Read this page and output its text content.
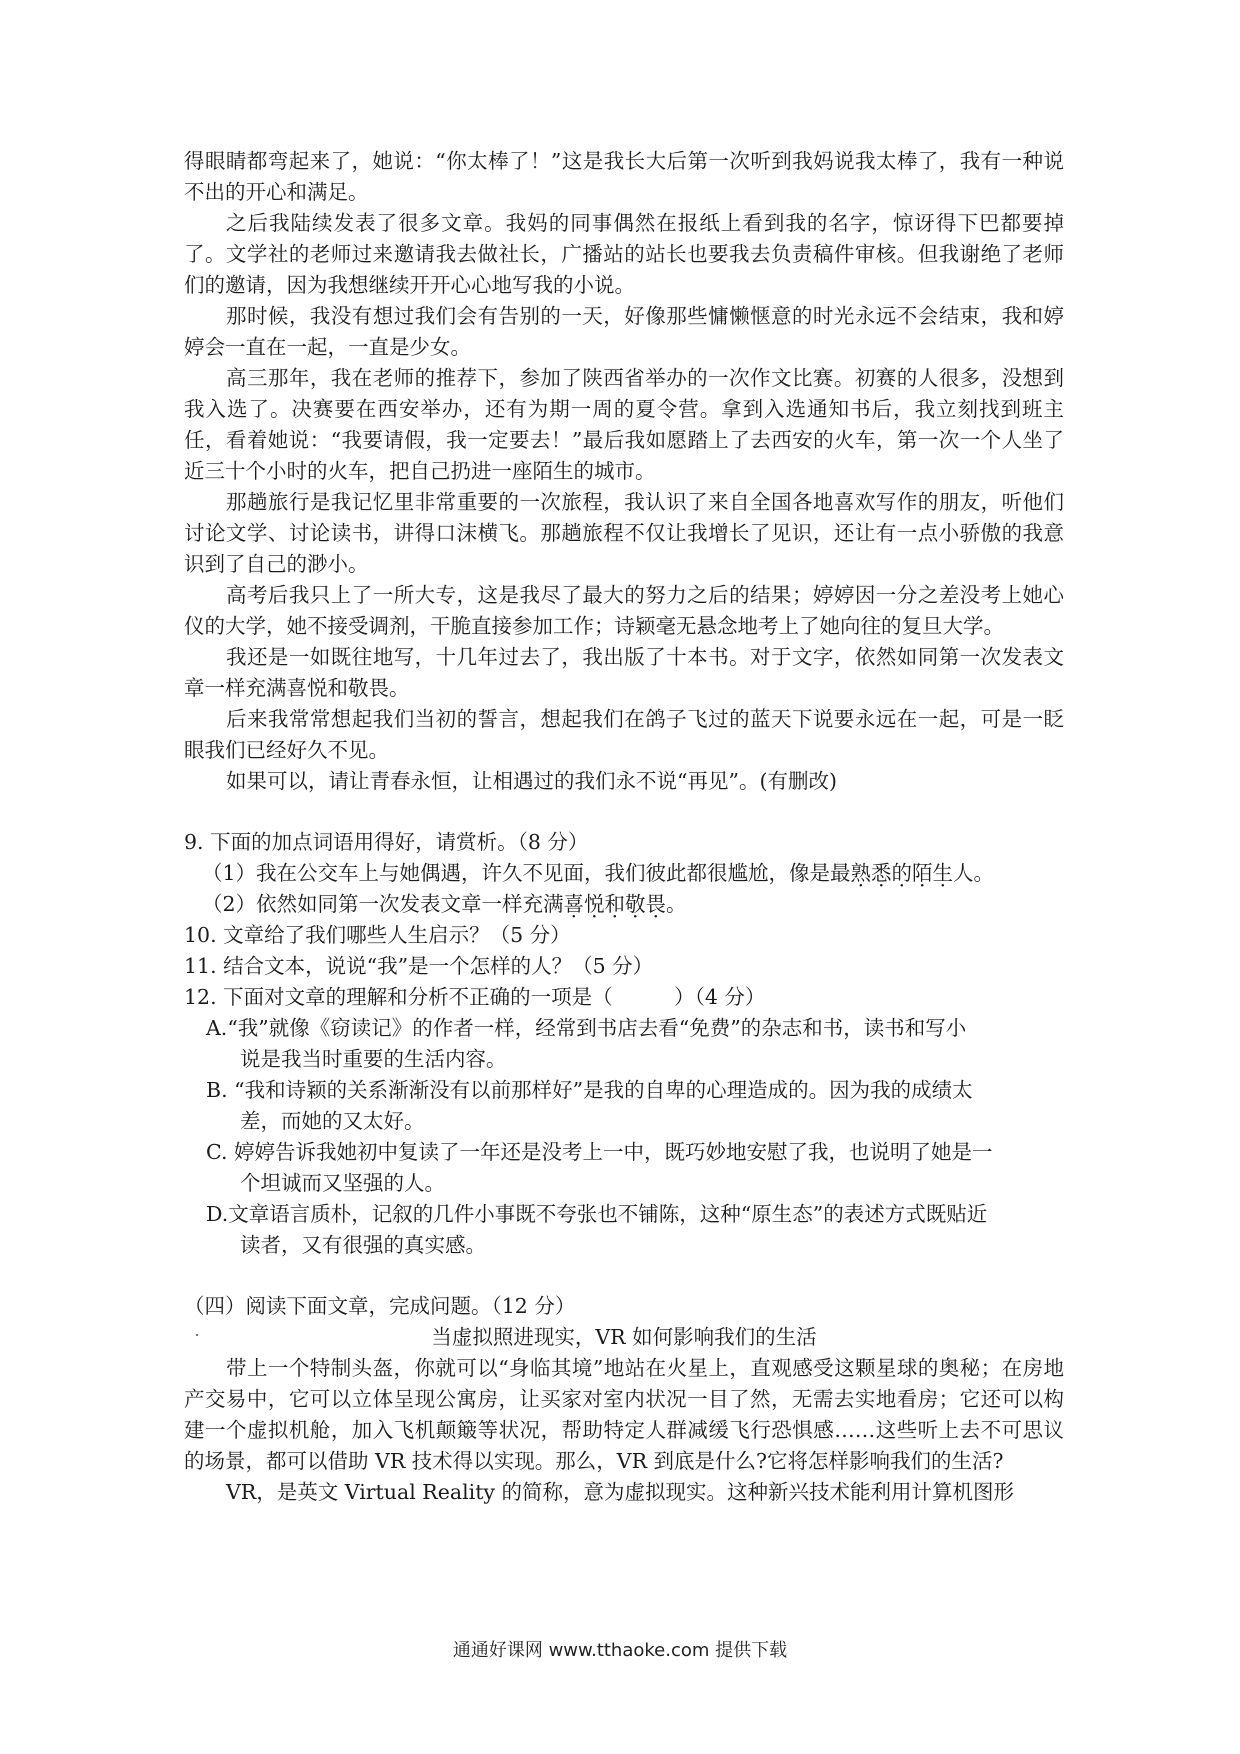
得眼睛都弯起来了，她说：“你太棒了！”这是我长大后第一次听到我妈说我太棒了，我有一种说不出的开心和满足。

之后我陆续发表了很多文章。我妈的同事偶然在报纸上看到我的名字，惊讶得下巴都要掉了。文学社的老师过来邀请我去做社长，广播站的站长也要我去负责稿件审核。但我谢绝了老师们的邀请，因为我想继续开开心心地写我的小说。

那时候，我没有想过我们会有告别的一天，好像那些慵懒惬意的时光永远不会结束，我和婷婷会一直在一起，一直是少女。

高三那年，我在老师的推荐下，参加了陕西省举办的一次作文比赛。初赛的人很多，没想到我入选了。决赛要在西安举办，还有为期一周的夏令营。拿到入选通知书后，我立刻找到班主任，看着她说：“我要请假，我一定要去！”最后我如愿踏上了去西安的火车，第一次一个人坐了近三十个小时的火车，把自己扔进一座陌生的城市。

那趟旅行是我记忆里非常重要的一次旅程，我认识了来自全国各地喜欢写作的朋友，听他们讨论文学、讨论读书，讲得口沫横飞。那趟旅程不仅让我增长了见识，还让有一点小骄傲的我意识到了自己的渺小。

高考后我只上了一所大专，这是我尽了最大的努力之后的结果；婷婷因一分之差没考上她心仪的大学，她不接受调剂，干脆直接参加工作；诗颖毫无悬念地考上了她向往的复旦大学。

我还是一如既往地写，十几年过去了，我出版了十本书。对于文字，依然如同第一次发表文章一样充满喜悦和敬畏。

后来我常常想起我们当初的誓言，想起我们在鸽子飞过的蓝天下说要永远在一起，可是一眨眼我们已经好久不见。

如果可以，请让青春永恒，让相遇过的我们永不说“再见”。(有删改)

9. 下面的加点词语用得好，请赏析。（8 分）

（1）我在公交车上与她偶遇，许久不见面，我们彼此都很尴尬，像是最熟悉的陌生人。

（2）依然如同第一次发表文章一样充满喜悦和敬畏。

10. 文章给了我们哪些人生启示？（5 分）

11. 结合文本，说说“我”是一个怎样的人？（5 分）

12. 下面对文章的理解和分析不正确的一项是（　　　）（4 分）

A.“我”就像《窃读记》的作者一样，经常到书店去看“免费”的杂志和书，读书和写小
说是我当时重要的生活内容。

B. “我和诗颖的关系渐渐没有以前那样好”是我的自卑的心理造成的。因为我的成绩太
差，而她的又太好。

C. 婷婷告诉我她初中复读了一年还是没考上一中，既巧妙地安慰了我，也说明了她是一
个坦诚而又坚强的人。

D.文章语言质朴，记叙的几件小事既不夸张也不铺陈，这种“原生态”的表述方式既贴近
读者，又有很强的真实感。

（四）阅读下面文章，完成问题。（12 分）

当虚拟照进现实，VR 如何影响我们的生活

带上一个特制头盔，你就可以“身临其境”地站在火星上，直观感受这颗星球的奥秘；在房地产交易中，它可以立体呈现公寓房，让买家对室内状况一目了然，无需去实地看房；它还可以构建一个虚拟机舱，加入飞机颠簸等状况，帮助特定人群减缓飞行恐惧感……这些听上去不可思议的场景，都可以借助 VR 技术得以实现。那么，VR 到底是什么?它将怎样影响我们的生活?

VR，是英文 Virtual Reality 的简称，意为虚拟现实。这种新兴技术能利用计算机图形

通通好课网 www.tthaoke.com 提供下载
